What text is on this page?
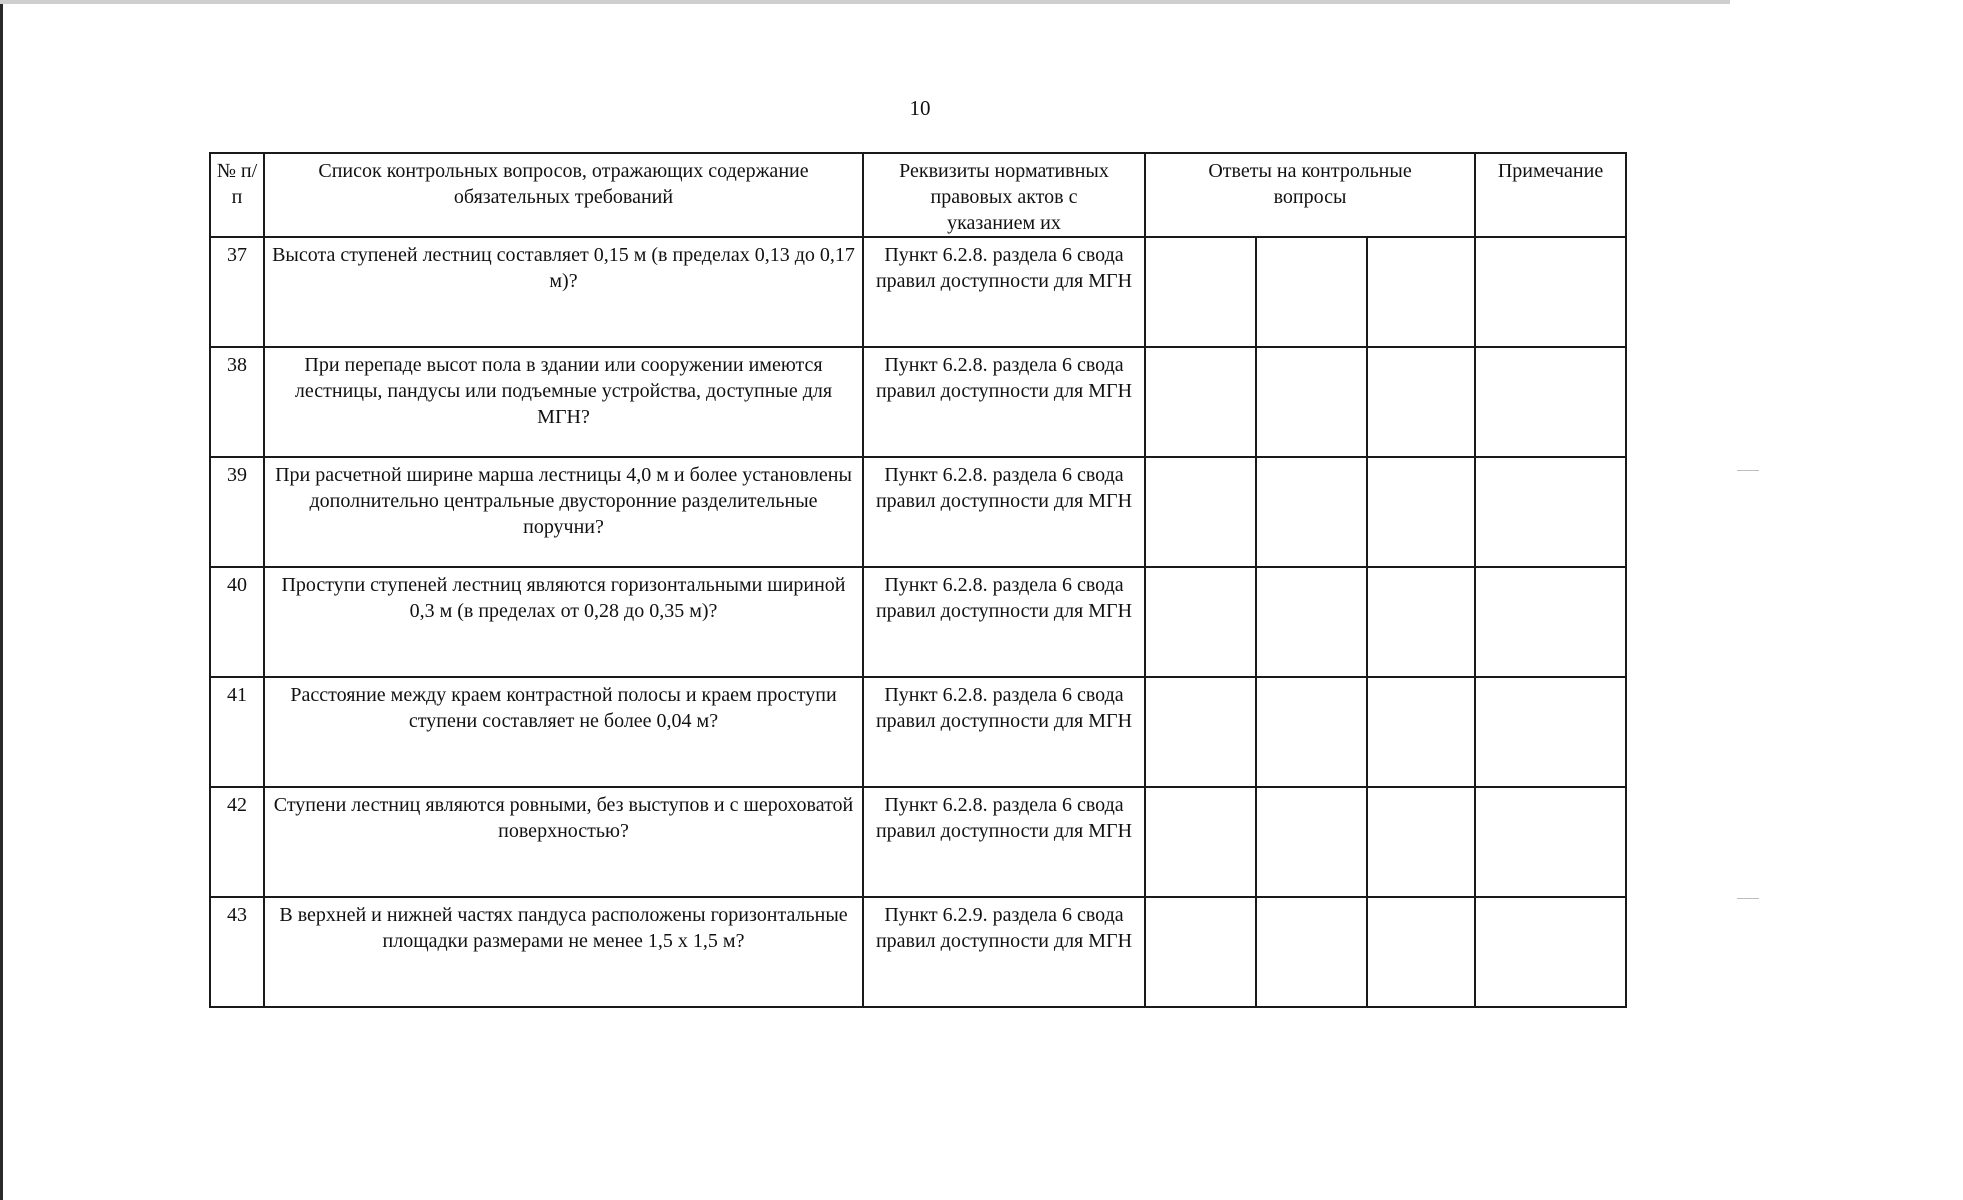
10
№ п/п	Список контрольных вопросов, отражающих содержание обязательных требований	Реквизиты нормативных правовых актов с
указанием их	Ответы на контрольные вопросы			Примечание

37	Высота ступеней лестниц составляет 0,15 м (в пределах 0,13 до 0,17 м)?	Пункт 6.2.8. раздела 6 свода правил доступности для МГН				
38	При перепаде высот пола в здании или сооружении имеются лестницы, пандусы или подъемные устройства, доступные для МГН?	Пункт 6.2.8. раздела 6 свода правил доступности для МГН				
39	При расчетной ширине марша лестницы 4,0 м и более установлены дополнительно центральные двусторонние разделительные поручни?	Пункт 6.2.8. раздела 6 свода правил доступности для МГН				
40	Проступи ступеней лестниц являются горизонтальными шириной 0,3 м (в пределах от 0,28 до 0,35 м)?	Пункт 6.2.8. раздела 6 свода правил доступности для МГН				
41	Расстояние между краем контрастной полосы и краем проступи ступени составляет не более 0,04 м?	Пункт 6.2.8. раздела 6 свода правил доступности для МГН				
42	Ступени лестниц являются ровными, без выступов и с шероховатой поверхностью?	Пункт 6.2.8. раздела 6 свода правил доступности для МГН				
43	В верхней и нижней частях пандуса расположены горизонтальные площадки размерами не менее 1,5 х 1,5 м?	Пункт 6.2.9. раздела 6 свода правил доступности для МГН				
